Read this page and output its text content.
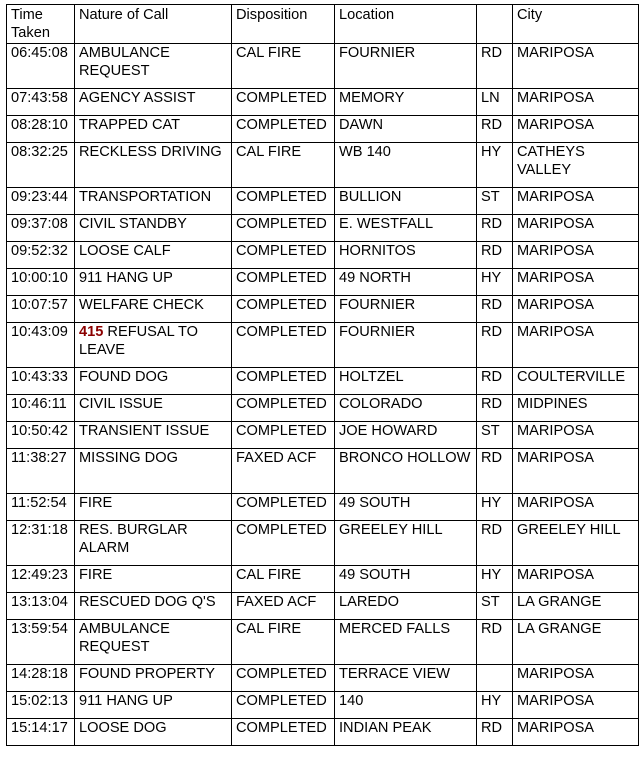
Time Taken	Nature of Call	Disposition	Location		City
06:45:08	AMBULANCE REQUEST	CAL FIRE	FOURNIER	RD	MARIPOSA
07:43:58	AGENCY ASSIST	COMPLETED	MEMORY	LN	MARIPOSA
08:28:10	TRAPPED CAT	COMPLETED	DAWN	RD	MARIPOSA
08:32:25	RECKLESS DRIVING	CAL FIRE	WB 140	HY	CATHEYS VALLEY
09:23:44	TRANSPORTATION	COMPLETED	BULLION	ST	MARIPOSA
09:37:08	CIVIL STANDBY	COMPLETED	E. WESTFALL	RD	MARIPOSA
09:52:32	LOOSE CALF	COMPLETED	HORNITOS	RD	MARIPOSA
10:00:10	911 HANG UP	COMPLETED	49 NORTH	HY	MARIPOSA
10:07:57	WELFARE CHECK	COMPLETED	FOURNIER	RD	MARIPOSA
10:43:09	415 REFUSAL TO LEAVE	COMPLETED	FOURNIER	RD	MARIPOSA
10:43:33	FOUND DOG	COMPLETED	HOLTZEL	RD	COULTERVILLE
10:46:11	CIVIL ISSUE	COMPLETED	COLORADO	RD	MIDPINES
10:50:42	TRANSIENT ISSUE	COMPLETED	JOE HOWARD	ST	MARIPOSA
11:38:27	MISSING DOG	FAXED ACF	BRONCO HOLLOW	RD	MARIPOSA
11:52:54	FIRE	COMPLETED	49 SOUTH	HY	MARIPOSA
12:31:18	RES. BURGLAR ALARM	COMPLETED	GREELEY HILL	RD	GREELEY HILL
12:49:23	FIRE	CAL FIRE	49 SOUTH	HY	MARIPOSA
13:13:04	RESCUED DOG Q'S	FAXED ACF	LAREDO	ST	LA GRANGE
13:59:54	AMBULANCE REQUEST	CAL FIRE	MERCED FALLS	RD	LA GRANGE
14:28:18	FOUND PROPERTY	COMPLETED	TERRACE VIEW		MARIPOSA
15:02:13	911 HANG UP	COMPLETED	140	HY	MARIPOSA
15:14:17	LOOSE DOG	COMPLETED	INDIAN PEAK	RD	MARIPOSA
